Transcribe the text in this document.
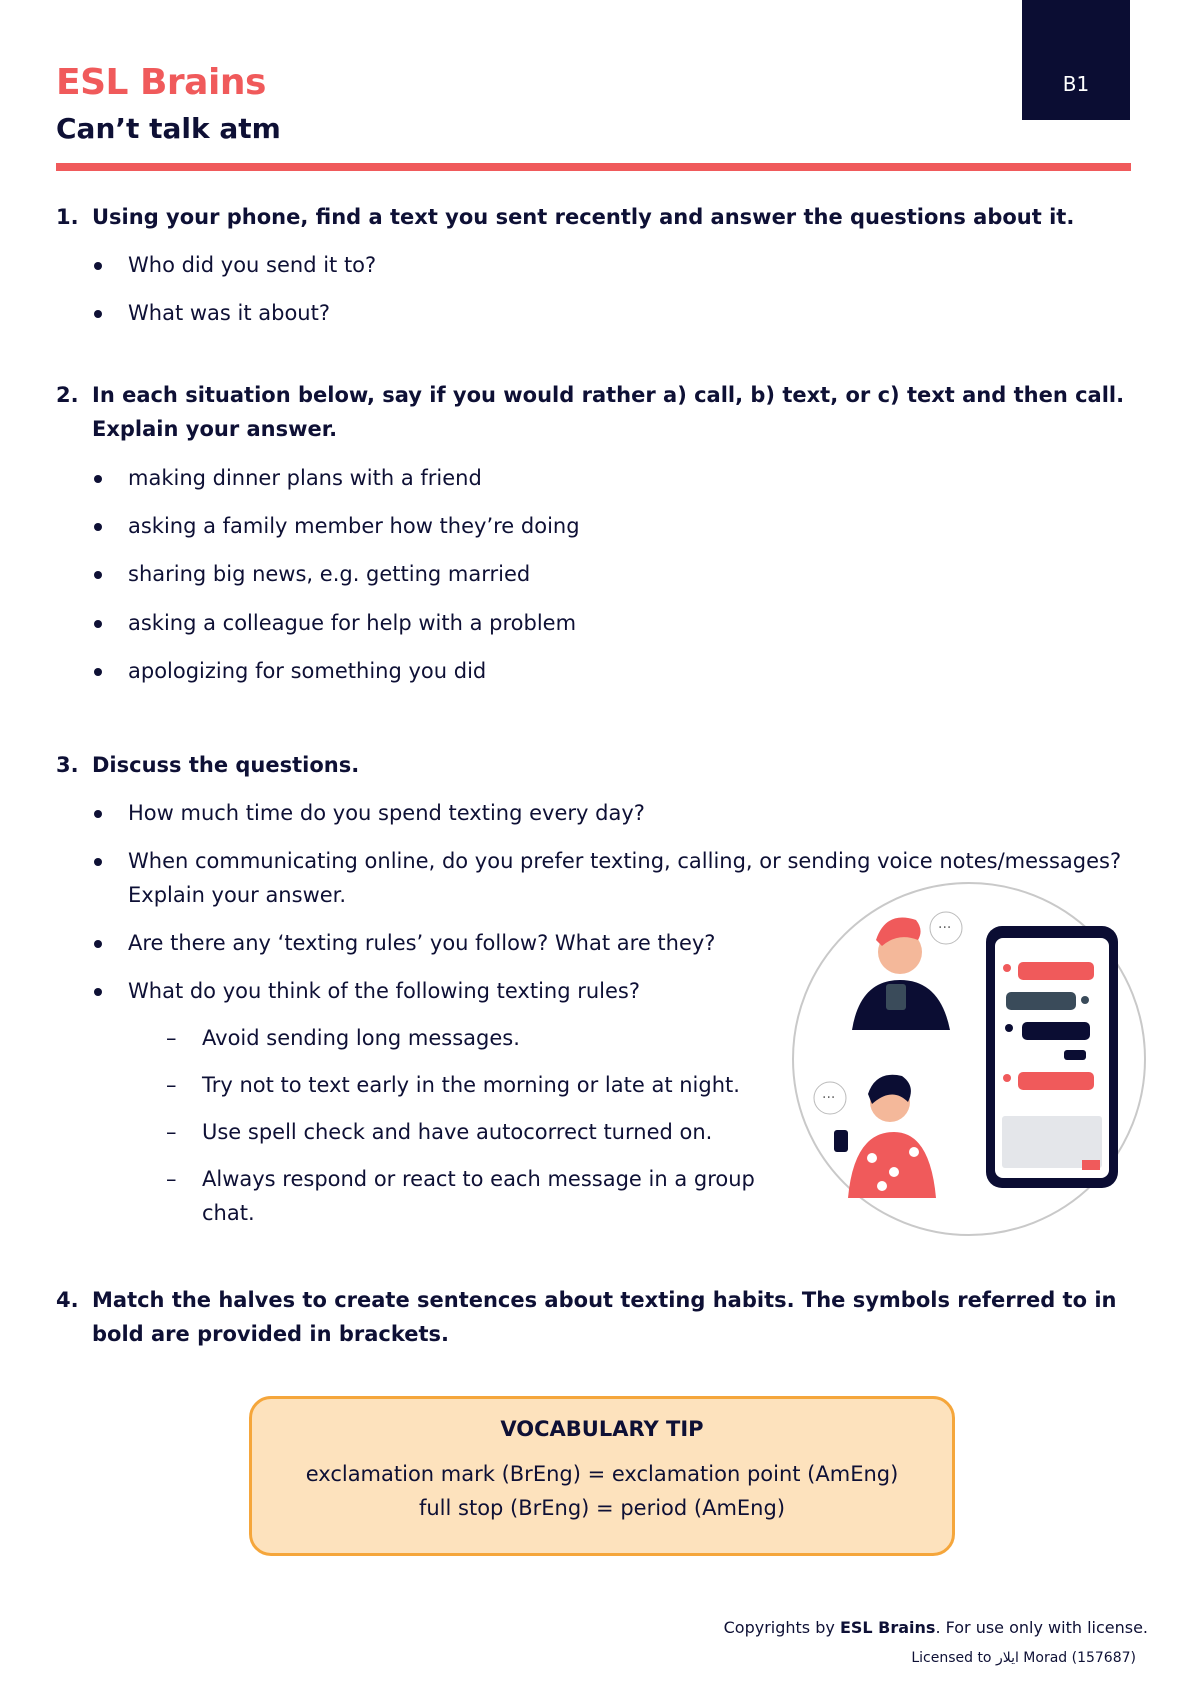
ESL Brains
Can’t talk atm
B1
1. Using your phone, find a text you sent recently and answer the questions about it.
Who did you send it to?
What was it about?
2. In each situation below, say if you would rather a) call, b) text, or c) text and then call. Explain your answer.
making dinner plans with a friend
asking a family member how they’re doing
sharing big news, e.g. getting married
asking a colleague for help with a problem
apologizing for something you did
3. Discuss the questions.
How much time do you spend texting every day?
When communicating online, do you prefer texting, calling, or sending voice notes/messages? Explain your answer.
Are there any ‘texting rules’ you follow? What are they?
What do you think of the following texting rules?
– Avoid sending long messages.
– Try not to text early in the morning or late at night.
– Use spell check and have autocorrect turned on.
– Always respond or react to each message in a group chat.
···
···
4. Match the halves to create sentences about texting habits. The symbols referred to in bold are provided in brackets.
VOCABULARY TIP
exclamation mark (BrEng) = exclamation point (AmEng)
full stop (BrEng) = period (AmEng)
Copyrights by ESL Brains. For use only with license.
Licensed to ایلار Morad (157687)
